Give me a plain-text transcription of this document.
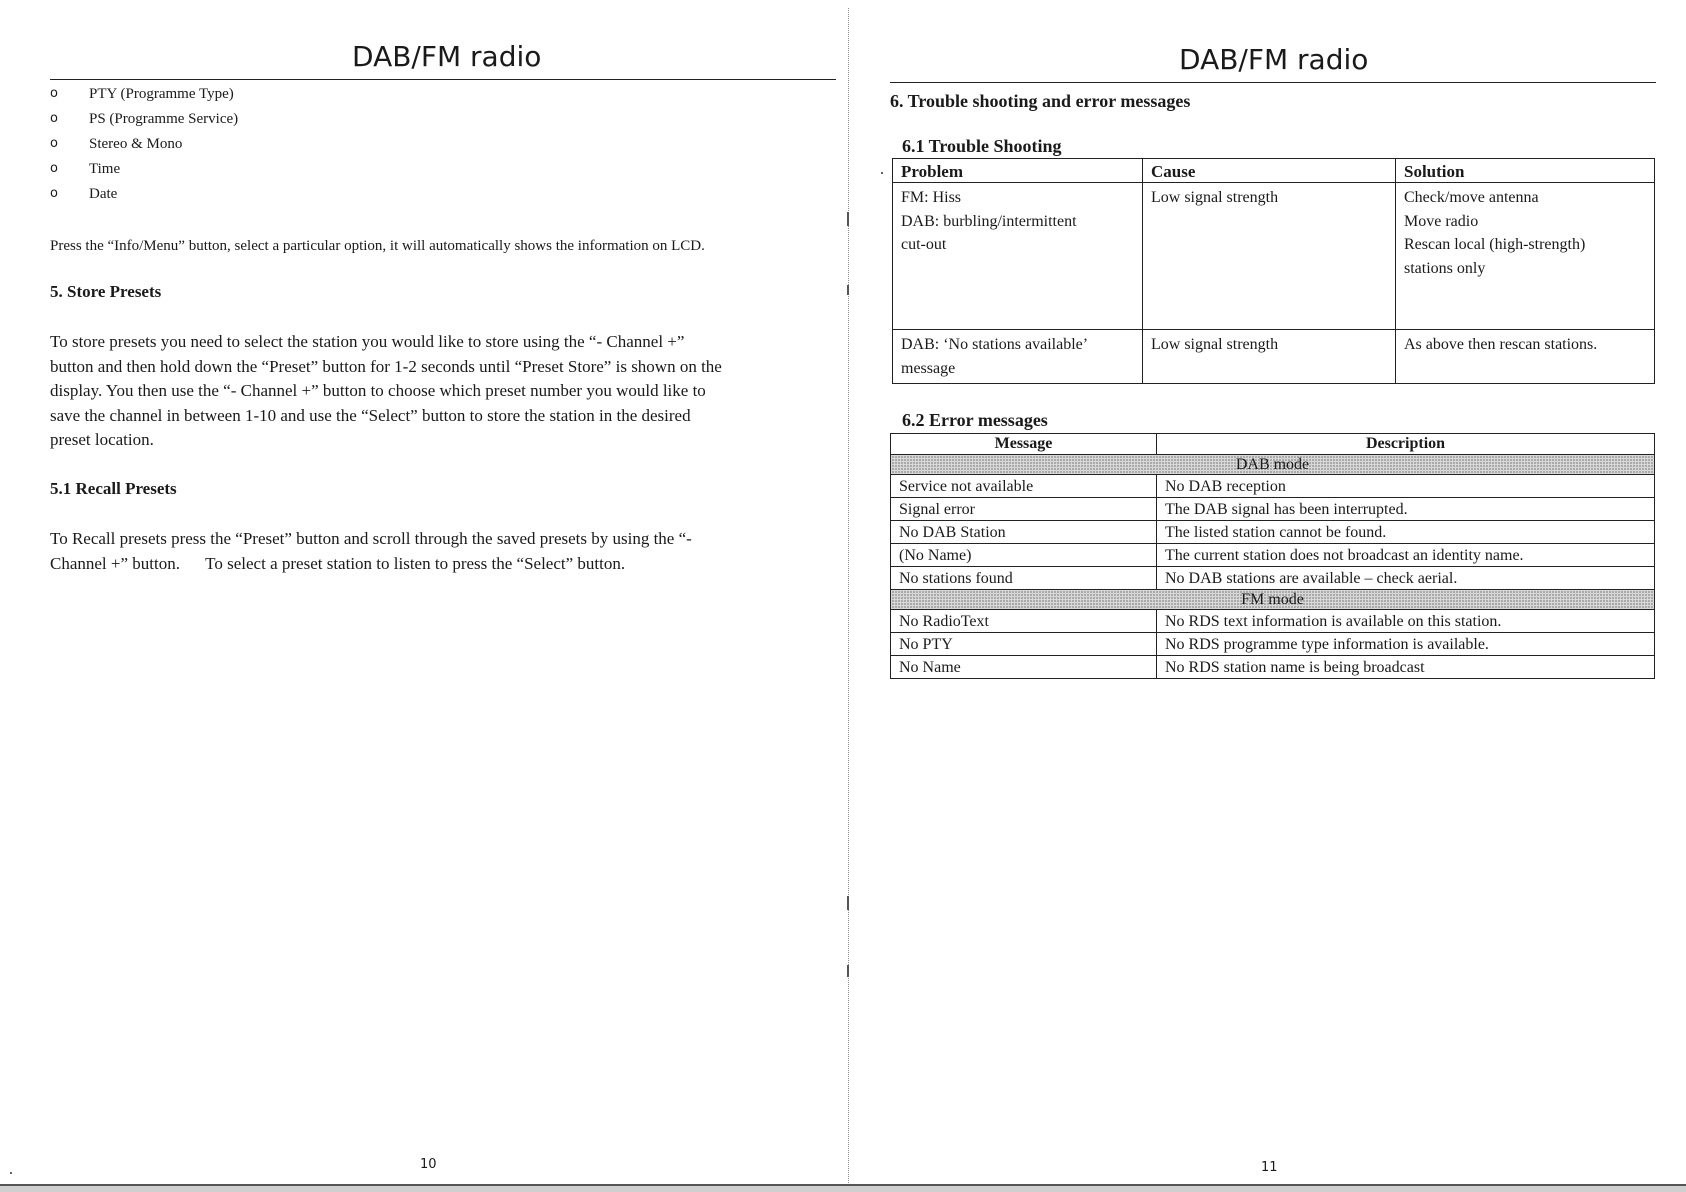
DAB/FM radio
o PTY (Programme Type)
o PS (Programme Service)
o Stereo & Mono
o Time
o Date

Press the “Info/Menu” button, select a particular option, it will automatically shows the information on LCD.

5. Store Presets
To store presets you need to select the station you would like to store using the “- Channel +”
button and then hold down the “Preset” button for 1-2 seconds until “Preset Store” is shown on the
display. You then use the “- Channel +” button to choose which preset number you would like to
save the channel in between 1-10 and use the “Select” button to store the station in the desired
preset location.
5.1 Recall Presets
To Recall presets press the “Preset” button and scroll through the saved presets by using the “-
Channel +” button.      To select a preset station to listen to press the “Select” button.
10
DAB/FM radio
6. Trouble shooting and error messages
6.1 Trouble Shooting
Problem	Cause	Solution

FM: Hiss
DAB: burbling/intermittent
cut-out	Low signal strength	Check/move antenna
Move radio
Rescan local (high-strength)
stations only

DAB: ‘No stations available’
message	Low signal strength	As above then rescan stations.
6.2 Error messages
Message	Description
DAB mode	
Service not available	No DAB reception
Signal error	The DAB signal has been interrupted.
No DAB Station	The listed station cannot be found.
(No Name)	The current station does not broadcast an identity name.
No stations found	No DAB stations are available – check aerial.
FM mode	
No RadioText	No RDS text information is available on this station.
No PTY	No RDS programme type information is available.
No Name	No RDS station name is being broadcast
11
